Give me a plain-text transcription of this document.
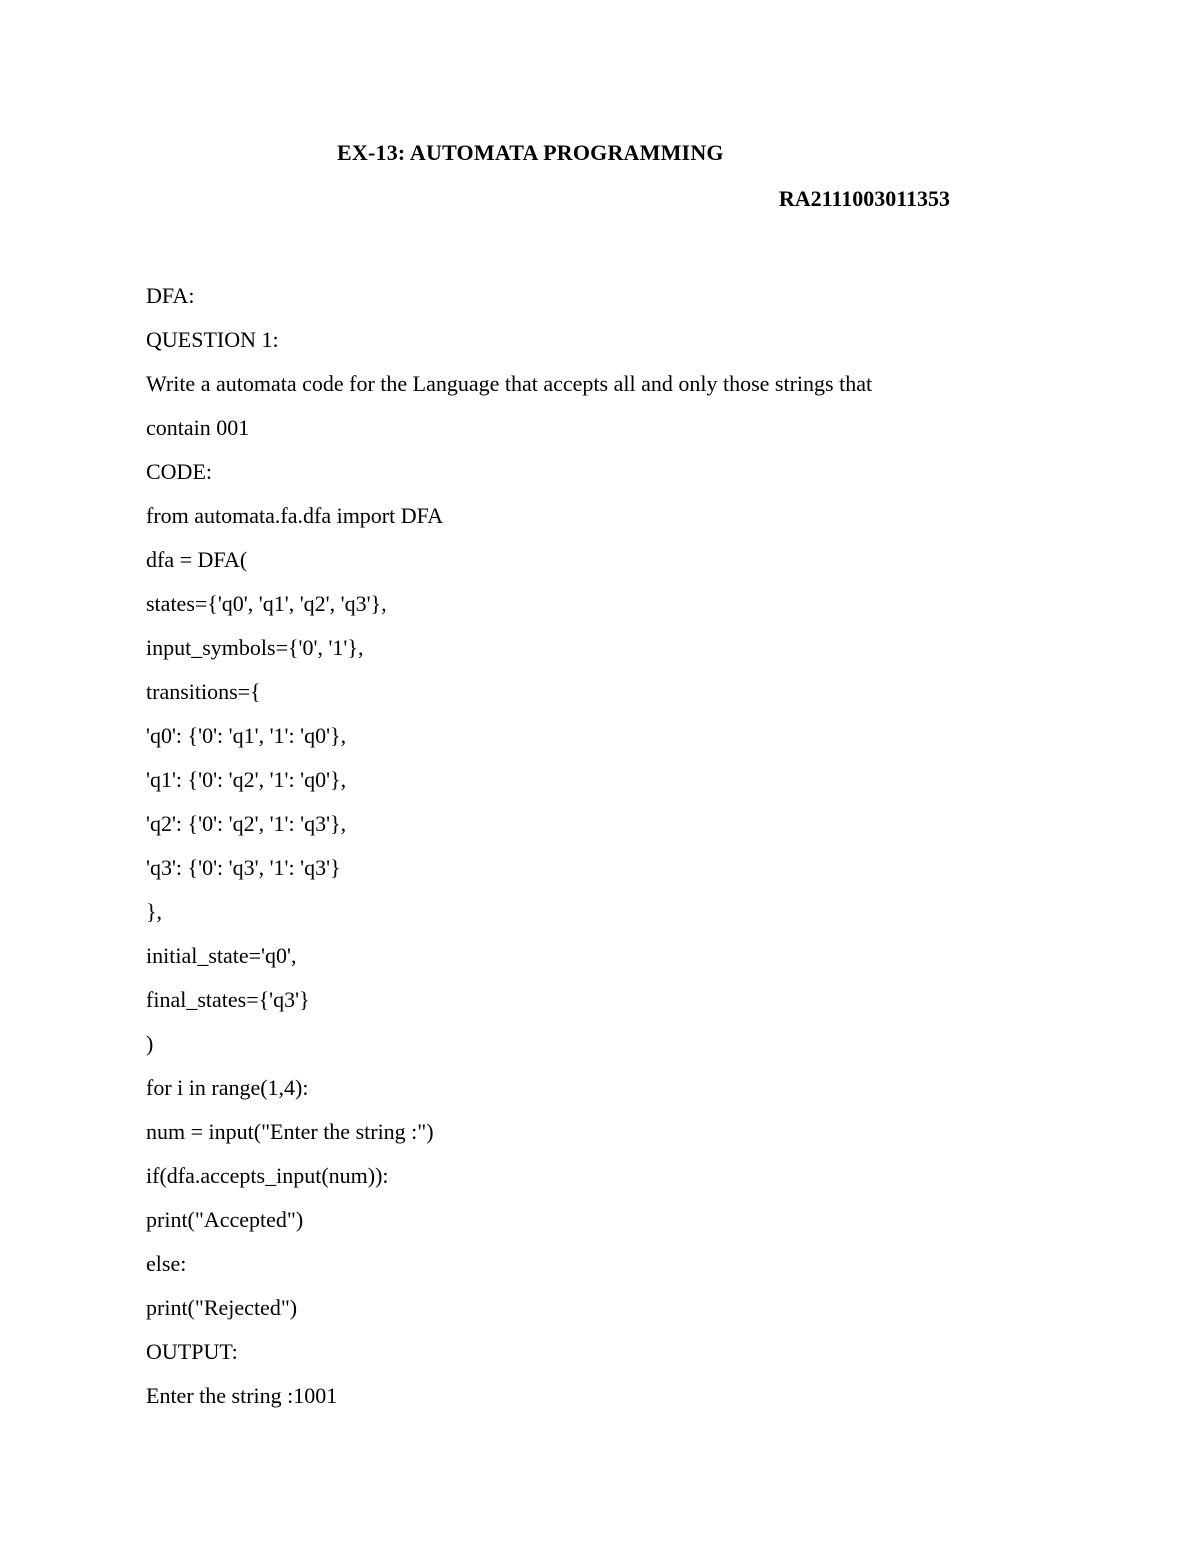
EX-13: AUTOMATA PROGRAMMING
RA2111003011353
DFA:
QUESTION 1:
Write a automata code for the Language that accepts all and only those strings that
contain 001
CODE:
from automata.fa.dfa import DFA
dfa = DFA(
states={'q0', 'q1', 'q2', 'q3'},
input_symbols={'0', '1'},
transitions={
'q0': {'0': 'q1', '1': 'q0'},
'q1': {'0': 'q2', '1': 'q0'},
'q2': {'0': 'q2', '1': 'q3'},
'q3': {'0': 'q3', '1': 'q3'}
},
initial_state='q0',
final_states={'q3'}
)
for i in range(1,4):
num = input("Enter the string :")
if(dfa.accepts_input(num)):
print("Accepted")
else:
print("Rejected")
OUTPUT:
Enter the string :1001
